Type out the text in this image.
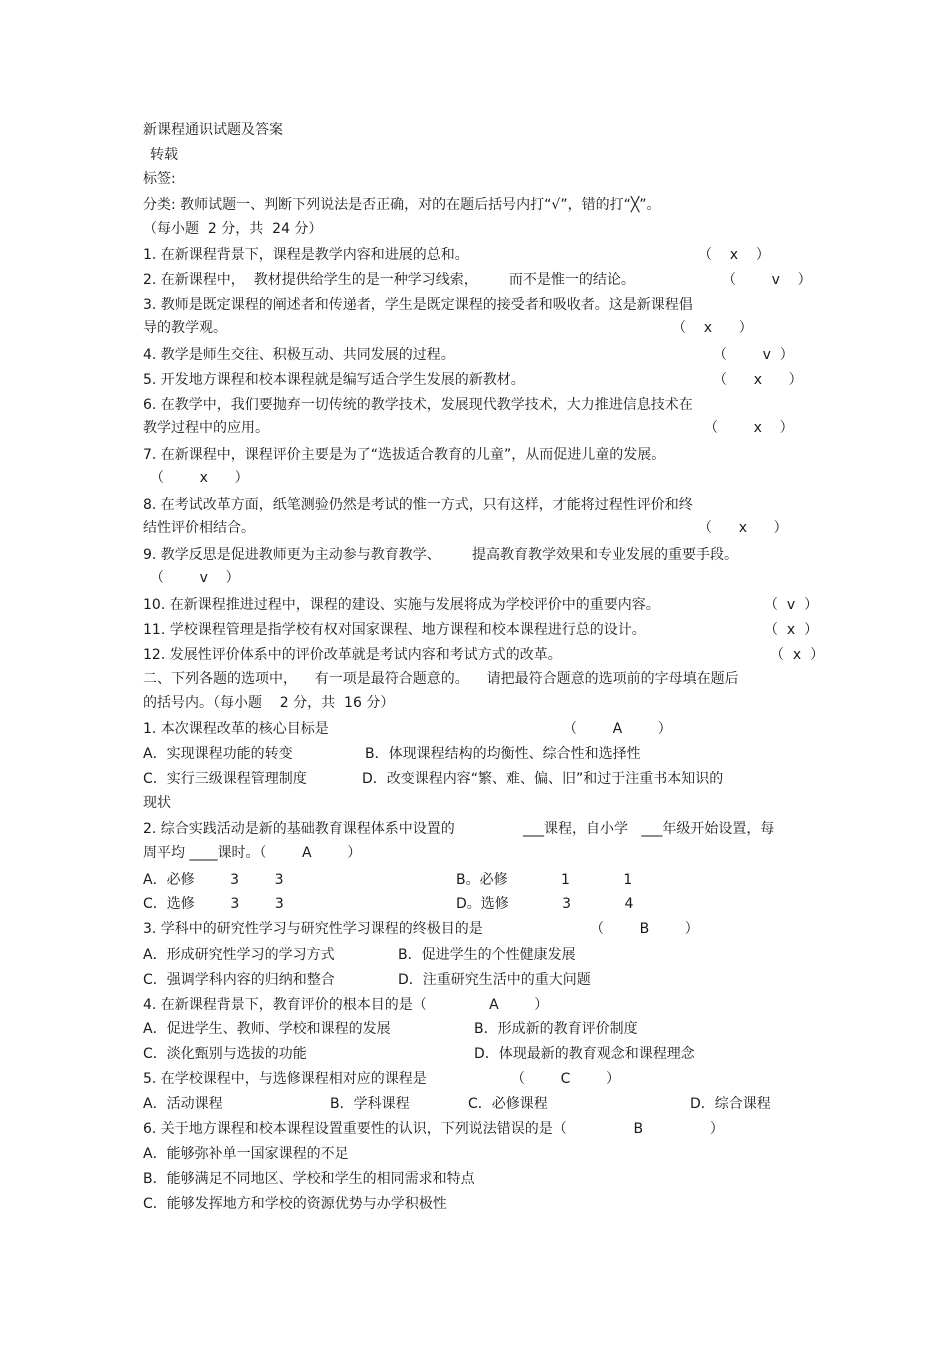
新课程通识试题及答案
转载
标签:
分类: 教师试题一、判断下列说法是否正确，对的在题后括号内打“√”，错的打“╳”。
（每小题  2 分，共  24 分）
1. 在新课程背景下，课程是教学内容和进展的总和。	（    x    ）
2. 在新课程中，  教材提供给学生的是一种学习线索，       而不是惟一的结论。	（        v    ）
3. 教师是既定课程的阐述者和传递者，学生是既定课程的接受者和吸收者。这是新课程倡
导的教学观。	（    x      ）
4. 教学是师生交往、积极互动、共同发展的过程。	（        v  ）
5. 开发地方课程和校本课程就是编写适合学生发展的新教材。	（      x      ）
6. 在教学中，我们要抛弃一切传统的教学技术，发展现代教学技术，大力推进信息技术在
教学过程中的应用。	（        x    ）
7. 在新课程中，课程评价主要是为了“选拔适合教育的儿童”，从而促进儿童的发展。
（        x      ）
8. 在考试改革方面，纸笔测验仍然是考试的惟一方式，只有这样，才能将过程性评价和终
结性评价相结合。	（      x      ）
9. 教学反思是促进教师更为主动参与教育教学、       提高教育教学效果和专业发展的重要手段。
（        v    ）
10. 在新课程推进过程中，课程的建设、实施与发展将成为学校评价中的重要内容。	（  v  ）
11. 学校课程管理是指学校有权对国家课程、地方课程和校本课程进行总的设计。	（  x  ）
12. 发展性评价体系中的评价改革就是考试内容和考试方式的改革。	（  x  ）
二、下列各题的选项中，    有一项是最符合题意的。    请把最符合题意的选项前的字母填在题后
的括号内。（每小题    2 分，共  16 分）
1. 本次课程改革的核心目标是	（        A        ）
A．实现课程功能的转变	B．体现课程结构的均衡性、综合性和选择性
C．实行三级课程管理制度	D．改变课程内容“繁、难、偏、旧”和过于注重书本知识的
现状
2. 综合实践活动是新的基础教育课程体系中设置的	___课程，自小学   ___年级开始设置，每
周平均 ____课时。（        A        ）
A．必修        3        3	B。必修            1            1
C．选修        3        3	D。选修            3            4
3. 学科中的研究性学习与研究性学习课程的终极目的是	（        B        ）
A．形成研究性学习的学习方式	B．促进学生的个性健康发展
C．强调学科内容的归纳和整合	D．注重研究生活中的重大问题
4. 在新课程背景下，教育评价的根本目的是（              A        ）
A．促进学生、教师、学校和课程的发展	B．形成新的教育评价制度
C．淡化甄别与选拔的功能	D．体现最新的教育观念和课程理念
5. 在学校课程中，与选修课程相对应的课程是	（        C        ）
A．活动课程	B．学科课程	C．必修课程	D．综合课程
6. 关于地方课程和校本课程设置重要性的认识，下列说法错误的是（               B               ）
A．能够弥补单一国家课程的不足
B．能够满足不同地区、学校和学生的相同需求和特点
C．能够发挥地方和学校的资源优势与办学积极性
